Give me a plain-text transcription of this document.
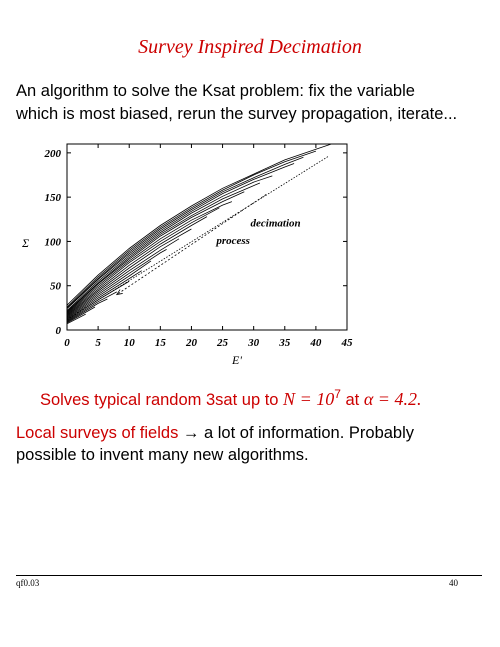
Survey Inspired Decimation

An algorithm to solve the Ksat problem: fix the variable
which is most biased, rerun the survey propagation, iterate...

0 5 10 15 20 25 30 35 40 45
0
50
100
150
200
E'
Σ
decimation
process

Solves typical random 3sat up to $N = 10^7$ at α = 4.2.

Local surveys of fields → a lot of information. Probably
possible to invent many new algorithms.

qf0.03	40
